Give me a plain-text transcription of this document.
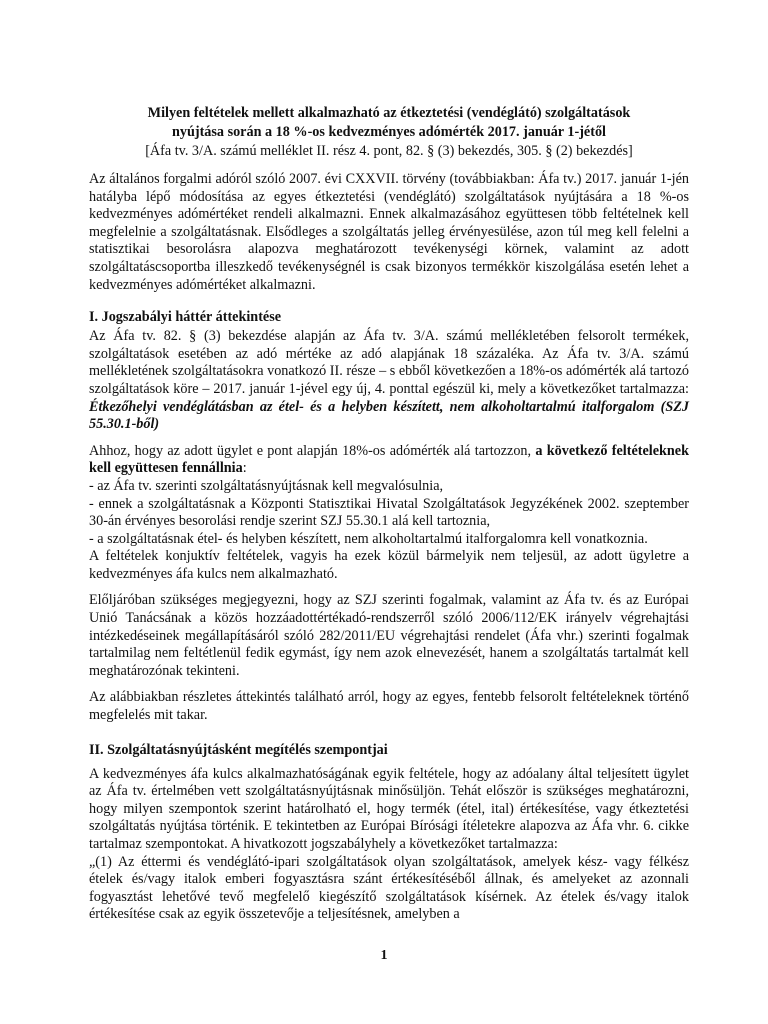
Milyen feltételek mellett alkalmazható az étkeztetési (vendéglátó) szolgáltatások

nyújtása során a 18 %-os kedvezményes adómérték 2017. január 1-jétől

[Áfa tv. 3/A. számú melléklet II. rész 4. pont, 82. § (3) bekezdés, 305. § (2) bekezdés]

Az általános forgalmi adóról szóló 2007. évi CXXVII. törvény (továbbiakban: Áfa tv.) 2017. január 1-jén hatályba lépő módosítása az egyes étkeztetési (vendéglátó) szolgáltatások nyújtására a 18 %-os kedvezményes adómértéket rendeli alkalmazni. Ennek alkalmazásához együttesen több feltételnek kell megfelelnie a szolgáltatásnak. Elsődleges a szolgáltatás jelleg érvényesülése, azon túl meg kell felelni a statisztikai besorolásra alapozva meghatározott tevékenységi körnek, valamint az adott szolgáltatáscsoportba illeszkedő tevékenységnél is csak bizonyos termékkör kiszolgálása esetén lehet a kedvezményes adómértéket alkalmazni.

I. Jogszabályi háttér áttekintése

Az Áfa tv. 82. § (3) bekezdése alapján az Áfa tv. 3/A. számú mellékletében felsorolt termékek, szolgáltatások esetében az adó mértéke az adó alapjának 18 százaléka. Az Áfa tv. 3/A. számú mellékletének szolgáltatásokra vonatkozó II. része – s ebből következően a 18%-os adómérték alá tartozó szolgáltatások köre – 2017. január 1-jével egy új, 4. ponttal egészül ki, mely a következőket tartalmazza: Étkezőhelyi vendéglátásban az étel- és a helyben készített, nem alkoholtartalmú italforgalom (SZJ 55.30.1-ből)

Ahhoz, hogy az adott ügylet e pont alapján 18%-os adómérték alá tartozzon, a következő feltételeknek kell együttesen fennállnia:

- az Áfa tv. szerinti szolgáltatásnyújtásnak kell megvalósulnia,

- ennek a szolgáltatásnak a Központi Statisztikai Hivatal Szolgáltatások Jegyzékének 2002. szeptember 30-án érvényes besorolási rendje szerint SZJ 55.30.1 alá kell tartoznia,

- a szolgáltatásnak étel- és helyben készített, nem alkoholtartalmú italforgalomra kell vonatkoznia.

A feltételek konjuktív feltételek, vagyis ha ezek közül bármelyik nem teljesül, az adott ügyletre a kedvezményes áfa kulcs nem alkalmazható.

Előljáróban szükséges megjegyezni, hogy az SZJ szerinti fogalmak, valamint az Áfa tv. és az Európai Unió Tanácsának a közös hozzáadottértékadó-rendszerről szóló 2006/112/EK irányelv végrehajtási intézkedéseinek megállapításáról szóló 282/2011/EU végrehajtási rendelet (Áfa vhr.) szerinti fogalmak tartalmilag nem feltétlenül fedik egymást, így nem azok elnevezését, hanem a szolgáltatás tartalmát kell meghatározónak tekinteni.

Az alábbiakban részletes áttekintés található arról, hogy az egyes, fentebb felsorolt feltételeknek történő megfelelés mit takar.

II. Szolgáltatásnyújtásként megítélés szempontjai

A kedvezményes áfa kulcs alkalmazhatóságának egyik feltétele, hogy az adóalany által teljesített ügylet az Áfa tv. értelmében vett szolgáltatásnyújtásnak minősüljön. Tehát először is szükséges meghatározni, hogy milyen szempontok szerint határolható el, hogy termék (étel, ital) értékesítése, vagy étkeztetési szolgáltatás nyújtása történik. E tekintetben az Európai Bírósági ítéletekre alapozva az Áfa vhr. 6. cikke tartalmaz szempontokat. A hivatkozott jogszabályhely a következőket tartalmazza:

„(1) Az éttermi és vendéglátó-ipari szolgáltatások olyan szolgáltatások, amelyek kész- vagy félkész ételek és/vagy italok emberi fogyasztásra szánt értékesítéséből állnak, és amelyeket az azonnali fogyasztást lehetővé tevő megfelelő kiegészítő szolgáltatások kísérnek. Az ételek és/vagy italok értékesítése csak az egyik összetevője a teljesítésnek, amelyben a

1
